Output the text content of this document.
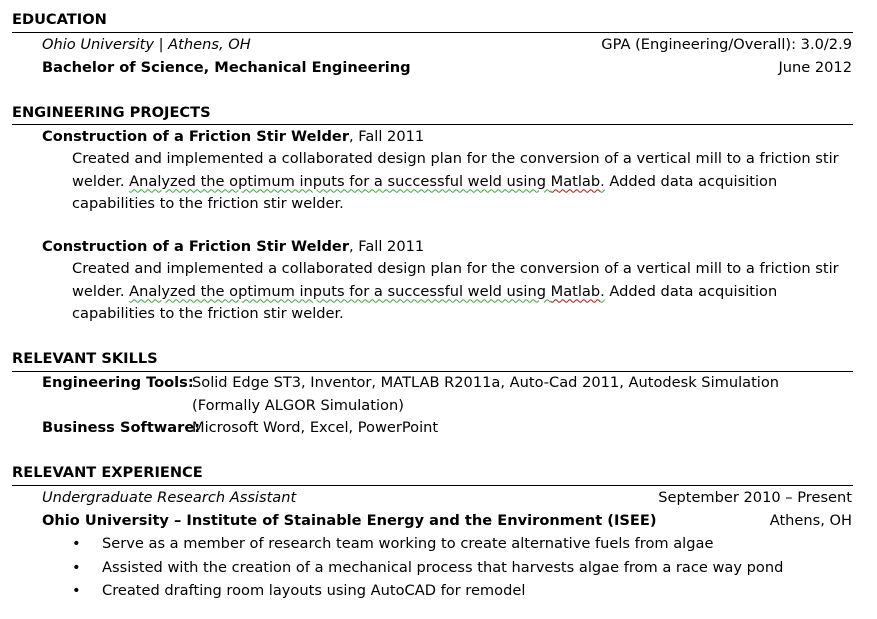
EDUCATION
Ohio University | Athens, OH	GPA (Engineering/Overall): 3.0/2.9
Bachelor of Science, Mechanical Engineering	June 2012
ENGINEERING PROJECTS
Construction of a Friction Stir Welder, Fall 2011
Created and implemented a collaborated design plan for the conversion of a vertical mill to a friction stir welder. Analyzed the optimum inputs for a successful weld using Matlab. Added data acquisition capabilities to the friction stir welder.
Construction of a Friction Stir Welder, Fall 2011
Created and implemented a collaborated design plan for the conversion of a vertical mill to a friction stir welder. Analyzed the optimum inputs for a successful weld using Matlab. Added data acquisition capabilities to the friction stir welder.
RELEVANT SKILLS
Engineering Tools:
Solid Edge ST3, Inventor, MATLAB R2011a, Auto-Cad 2011, Autodesk Simulation (Formally ALGOR Simulation)
Business Software:
Microsoft Word, Excel, PowerPoint
RELEVANT EXPERIENCE
Undergraduate Research Assistant	September 2010 – Present
Ohio University – Institute of Stainable Energy and the Environment (ISEE)	Athens, OH
• Serve as a member of research team working to create alternative fuels from algae
• Assisted with the creation of a mechanical process that harvests algae from a race way pond
• Created drafting room layouts using AutoCAD for remodel
